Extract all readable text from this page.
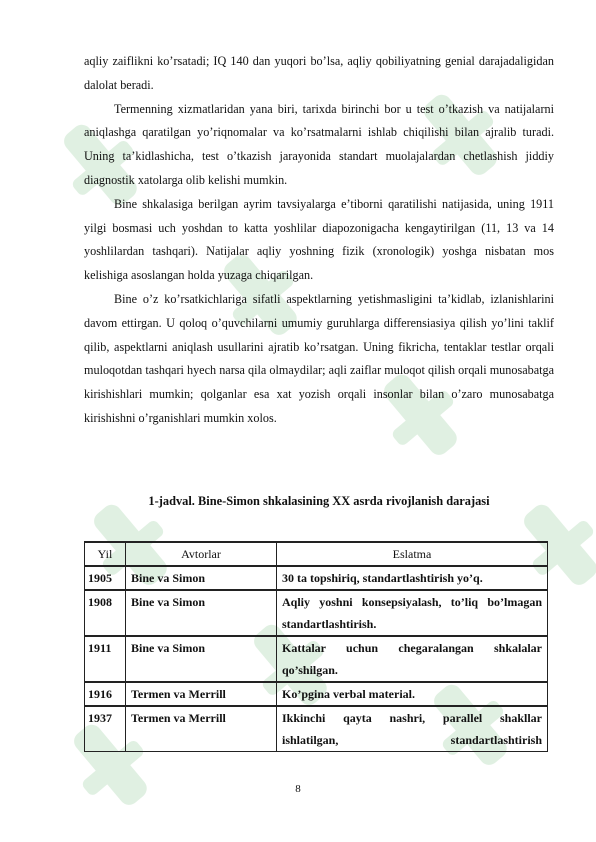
aqliy zaiflikni ko’rsatadi; IQ 140 dan yuqori bo’lsa, aqliy qobiliyatning genial darajadaligidan dalolat beradi.

Termenning xizmatlaridan yana biri, tarixda birinchi bor u test o’tkazish va natijalarni aniqlashga qaratilgan yo’riqnomalar va ko’rsatmalarni ishlab chiqilishi bilan ajralib turadi. Uning ta’kidlashicha, test o’tkazish jarayonida standart muolajalardan chetlashish jiddiy diagnostik xatolarga olib kelishi mumkin.

Bine shkalasiga berilgan ayrim tavsiyalarga e’tiborni qaratilishi natijasida, uning 1911 yilgi bosmasi uch yoshdan to katta yoshlilar diapozonigacha kengaytirilgan (11, 13 va 14 yoshlilardan tashqari). Natijalar aqliy yoshning fizik (xronologik) yoshga nisbatan mos kelishiga asoslangan holda yuzaga chiqarilgan.

Bine o’z ko’rsatkichlariga sifatli aspektlarning yetishmasligini ta’kidlab, izlanishlarini davom ettirgan. U qoloq o’quvchilarni umumiy guruhlarga differensiasiya qilish yo’lini taklif qilib, aspektlarni aniqlash usullarini ajratib ko’rsatgan. Uning fikricha, tentaklar testlar orqali muloqotdan tashqari hyech narsa qila olmaydilar; aqli zaiflar muloqot qilish orqali munosabatga kirishishlari mumkin; qolganlar esa xat yozish orqali insonlar bilan o’zaro munosabatga kirishishni o’rganishlari mumkin xolos.

1-jadval. Bine-Simon shkalasining XX asrda rivojlanish darajasi
Yil	Avtorlar	Eslatma
1905	Bine va Simon	30 ta topshiriq, standartlashtirish yo’q.
1908	Bine va Simon	Aqliy yoshni konsepsiyalash, to’liq bo’lmagan standartlashtirish.
1911	Bine va Simon	Kattalar uchun chegaralangan shkalalar qo’shilgan.
1916	Termen va Merrill	Ko’pgina verbal material.
1937	Termen va Merrill	Ikkinchi qayta nashri, parallel shakllar ishlatilgan, standartlashtirish
8
